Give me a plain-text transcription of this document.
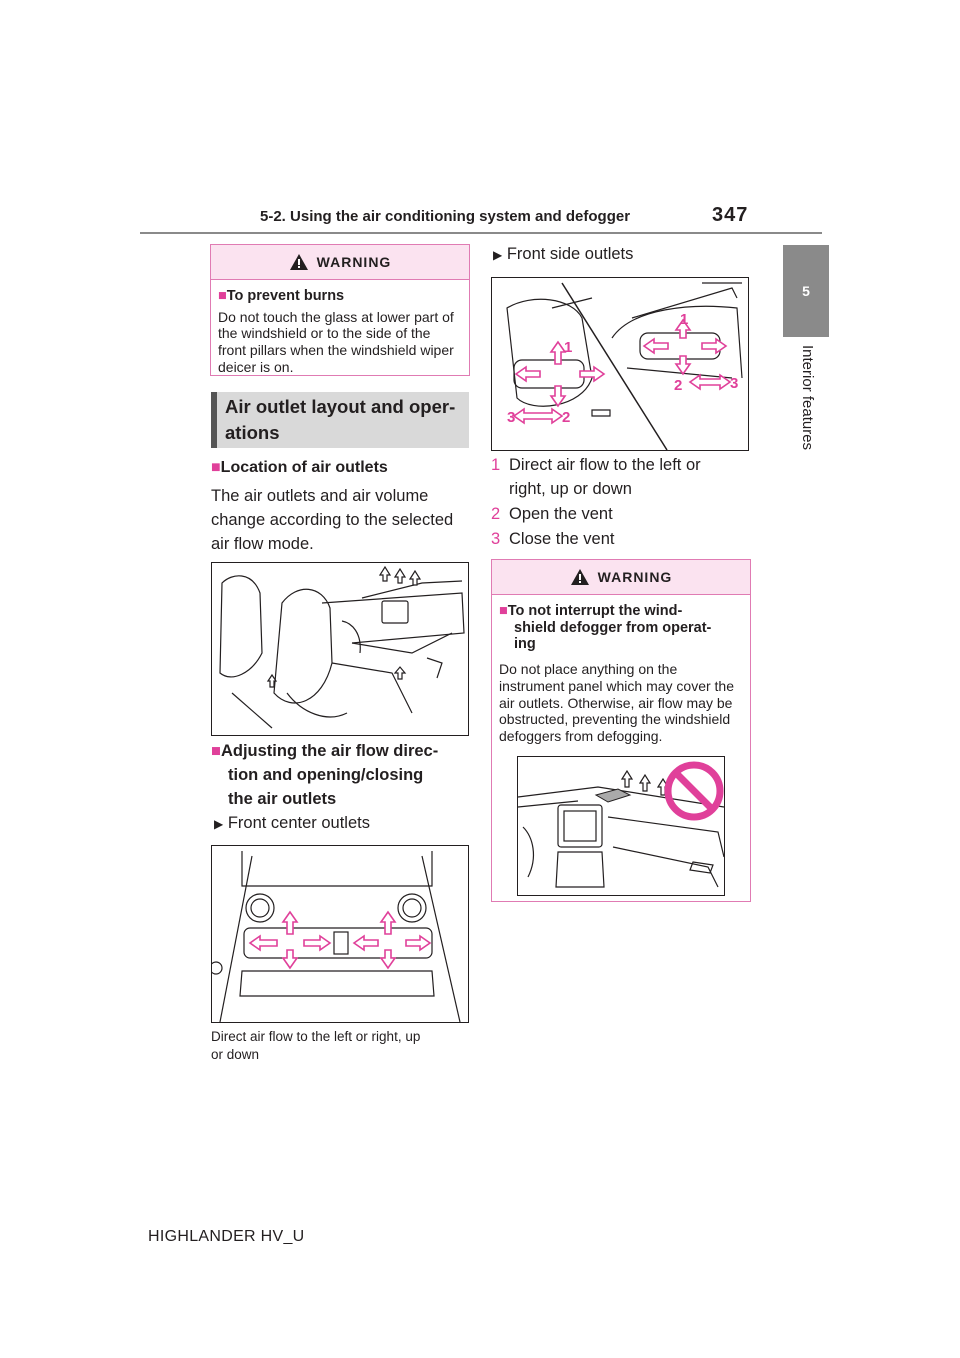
5-2. Using the air conditioning system and defogger	347
5
Interior features
WARNING
■To prevent burns
Do not touch the glass at lower part of the windshield or to the side of the front pillars when the windshield wiper deicer is on.
Air outlet layout and oper-
ations
■Location of air outlets
The air outlets and air volume change according to the selected air flow mode.
■Adjusting the air flow direc-
tion and opening/closing
the air outlets
▶ Front center outlets
Direct air flow to the left or right, up
or down
▶ Front side outlets
1
1
2	3
3	2
1 Direct air flow to the left or
right, up or down
2 Open the vent
3 Close the vent
WARNING
■To not interrupt the wind-
shield defogger from operat-
ing
Do not place anything on the instrument panel which may cover the air outlets. Otherwise, air flow may be obstructed, preventing the windshield defoggers from defogging.
HIGHLANDER HV_U
